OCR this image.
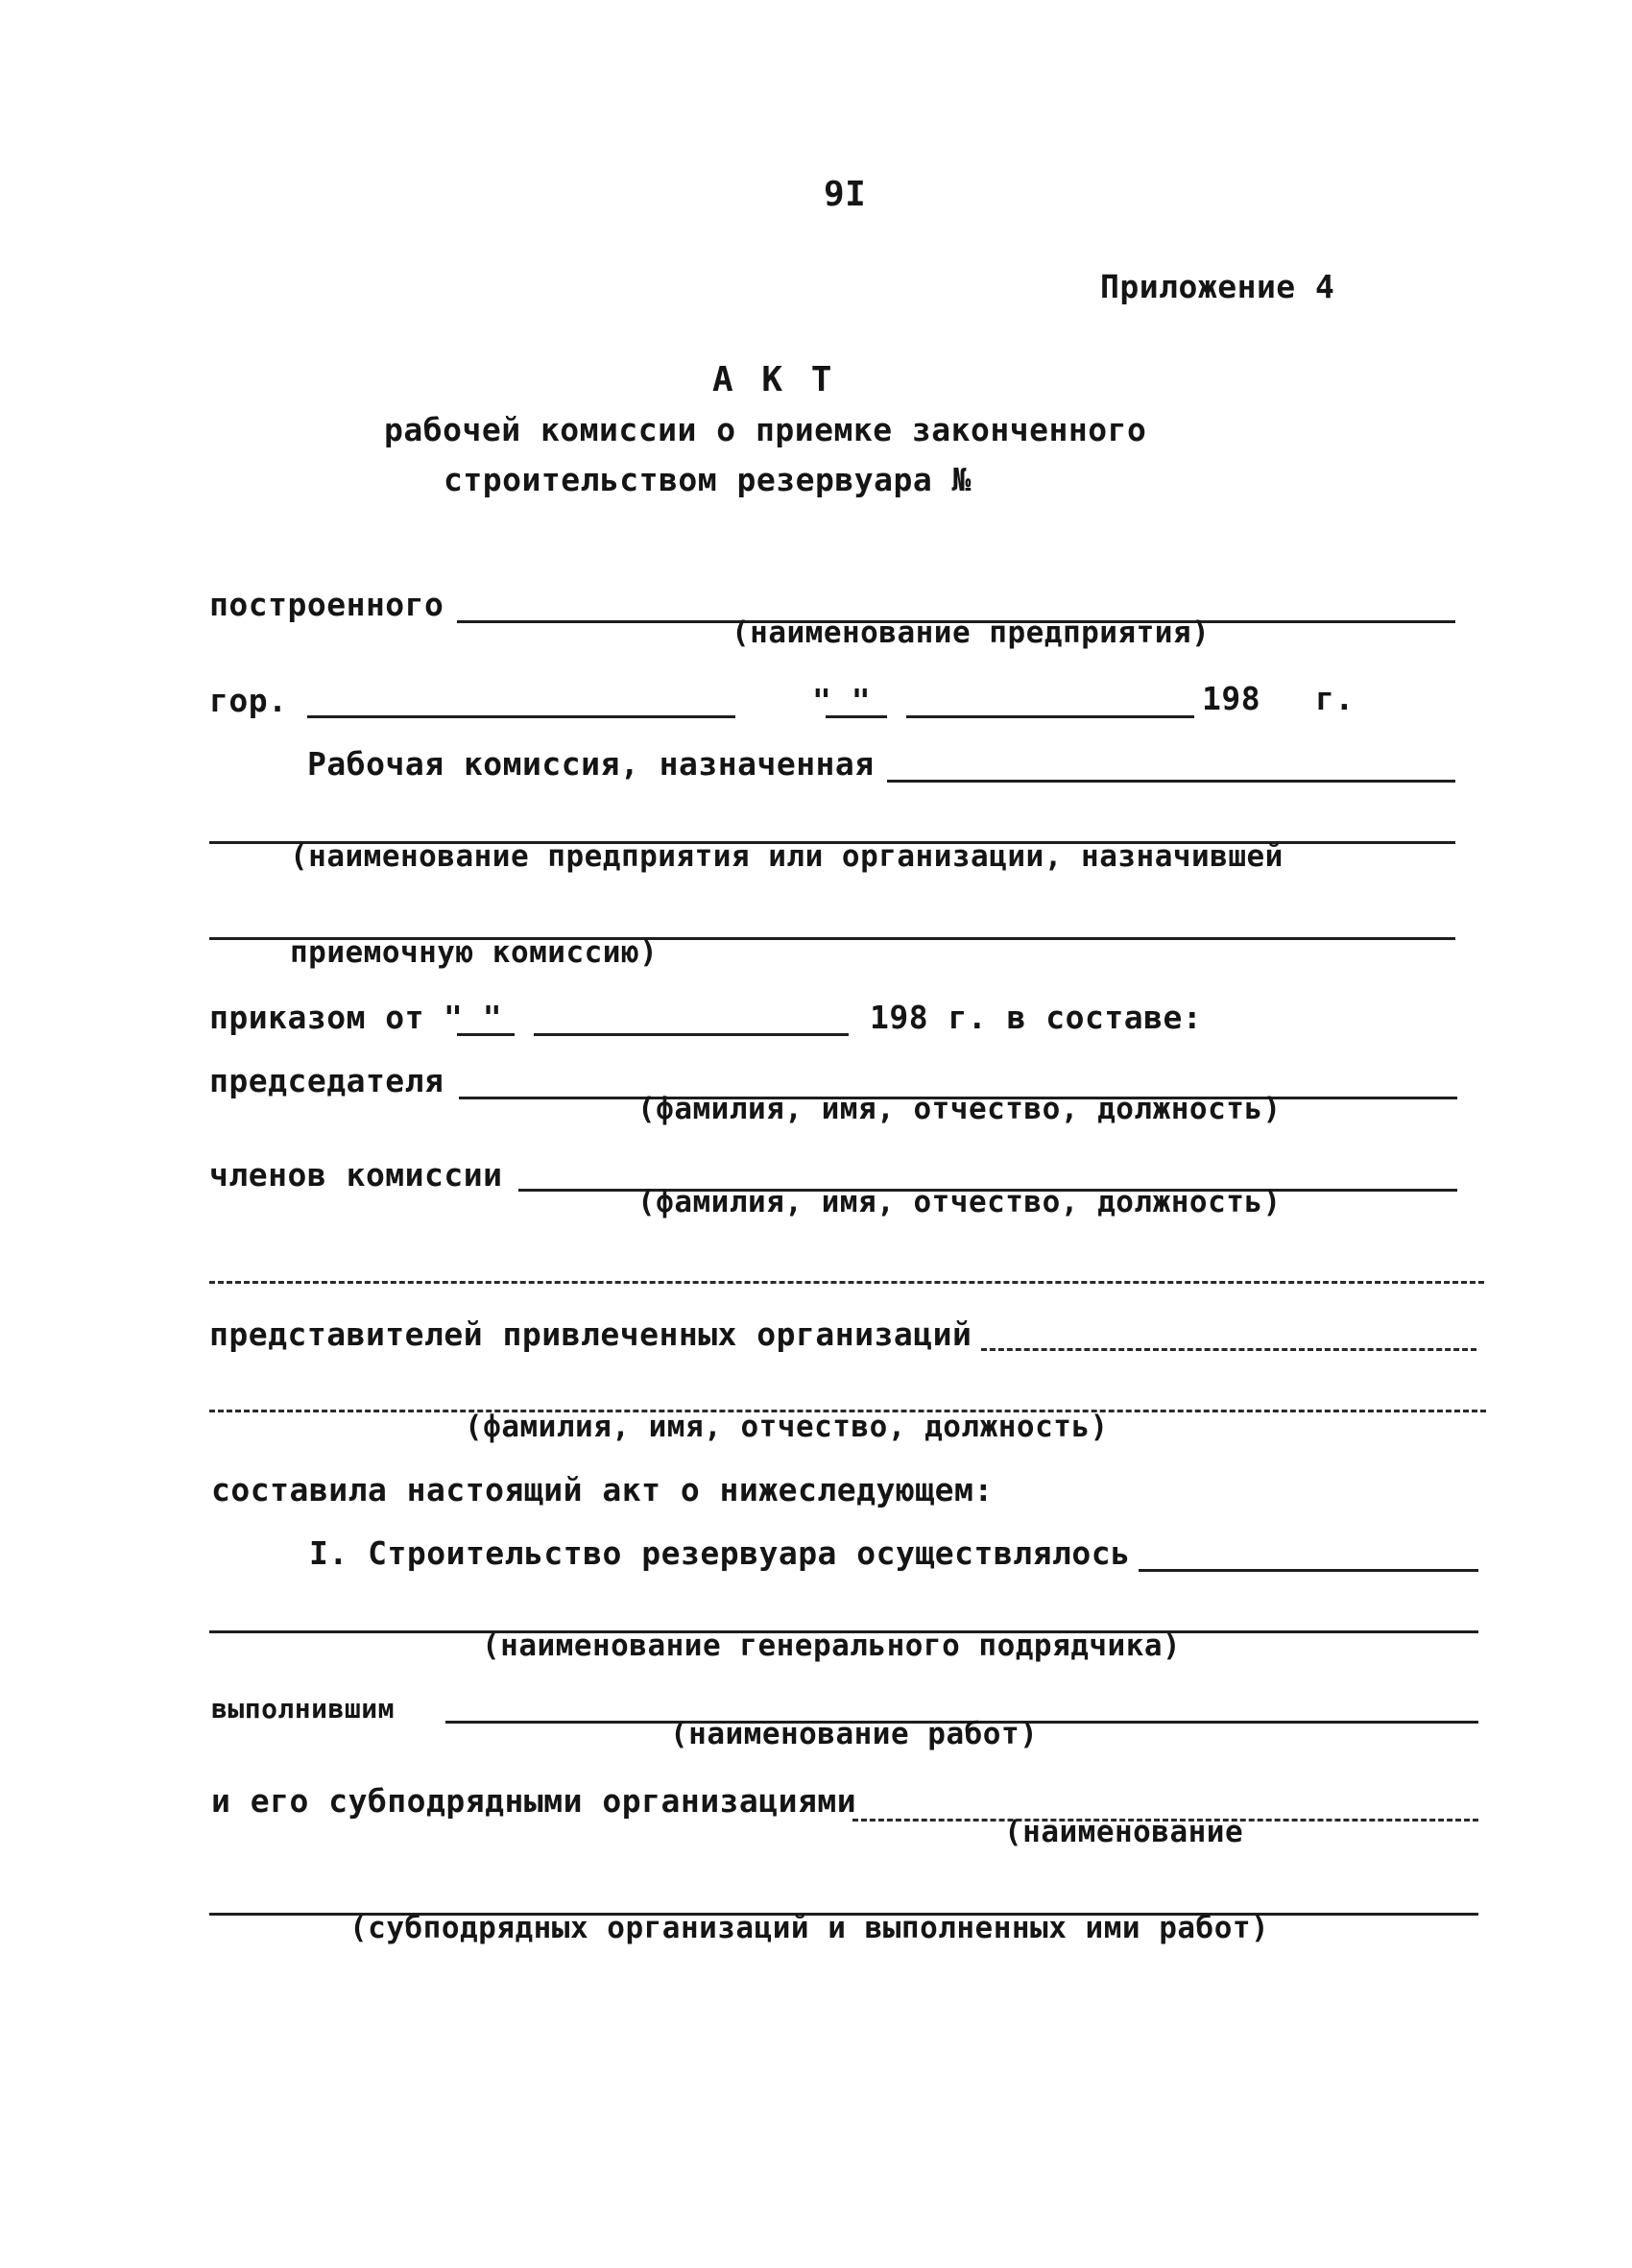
9I
Приложение 4
А К Т
рабочей комиссии о приемке законченного
строительством резервуара №
построенного
(наименование предприятия)
гор.	" "	198 г.
Рабочая комиссия, назначенная
(наименование предприятия или организации, назначившей
приемочную комиссию)
приказом от " "	198 г. в составе:
председателя
(фамилия, имя, отчество, должность)
членов комиссии
(фамилия, имя, отчество, должность)
представителей привлеченных организаций
(фамилия, имя, отчество, должность)
составила настоящий акт о нижеследующем:
I. Строительство резервуара осуществлялось
(наименование генерального подрядчика)
выполнившим
(наименование работ)
и его субподрядными организациями
(наименование
(субподрядных организаций и выполненных ими работ)
